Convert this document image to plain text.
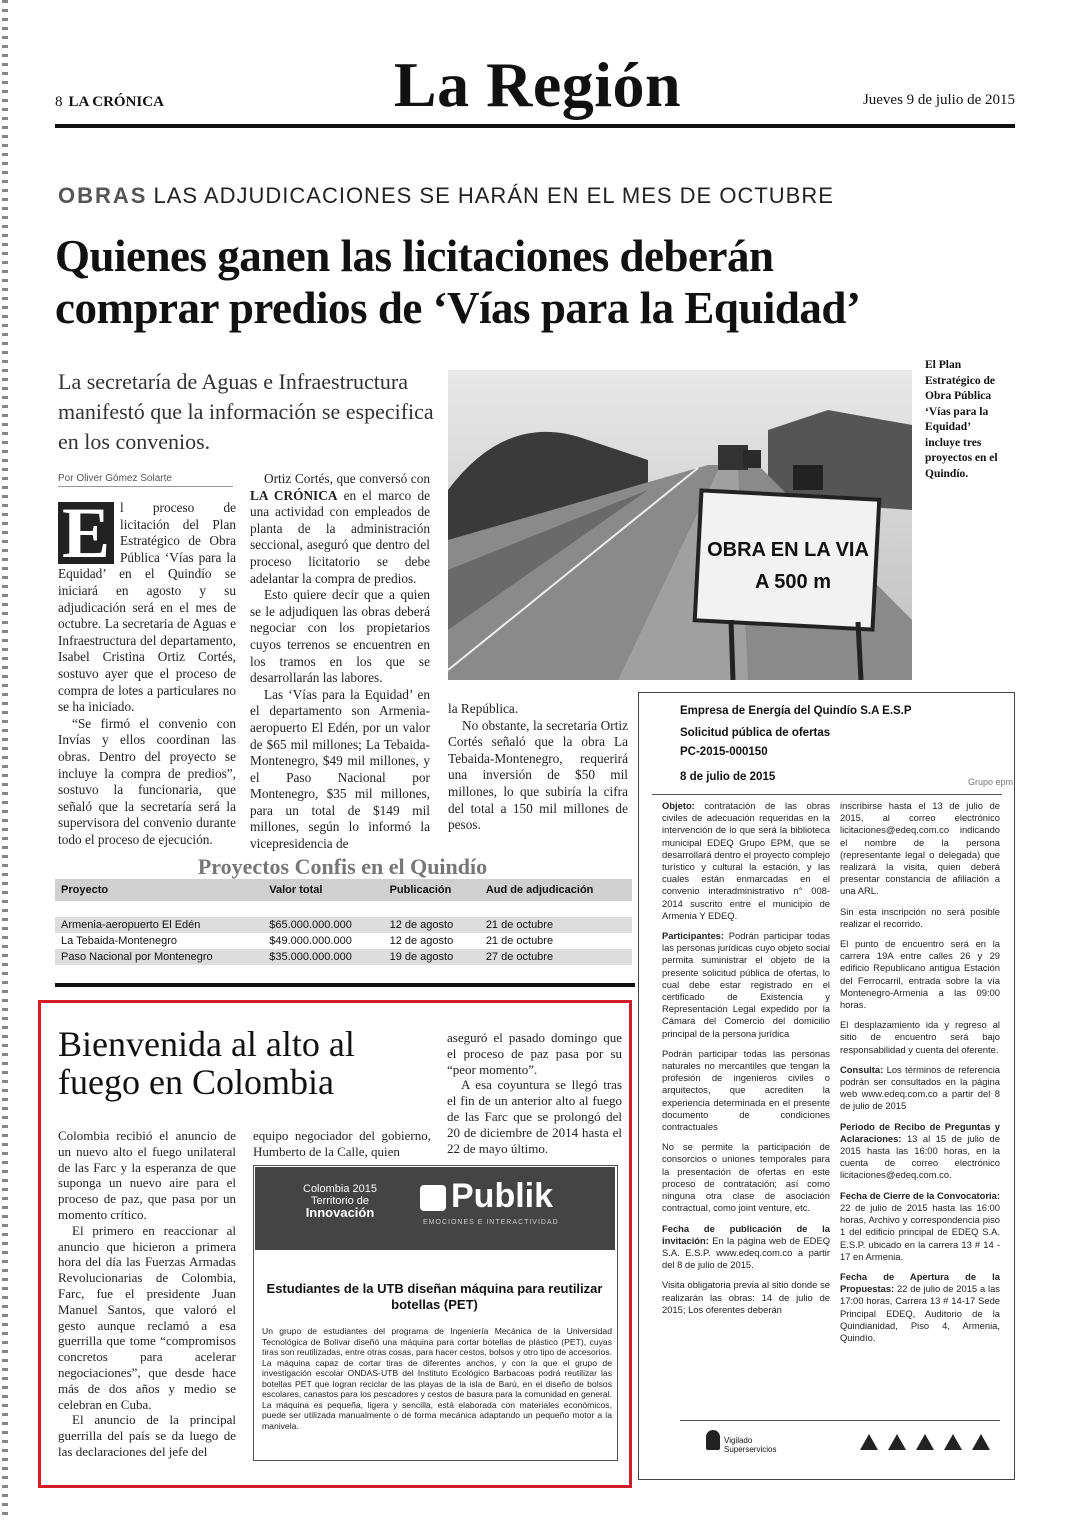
8 LA CRÓNICA	La Región	Jueves 9 de julio de 2015
OBRAS LAS ADJUDICACIONES SE HARÁN EN EL MES DE OCTUBRE
Quienes ganen las licitaciones deberán
comprar predios de ‘Vías para la Equidad’
La secretaría de Aguas e Infraestructura manifestó que la información se especifica en los convenios.
Por Oliver Gómez Solarte

E l proceso de licitación del Plan Estratégico de Obra Pública ‘Vías para la Equidad’ en el Quindío se iniciará en agosto y su adjudicación será en el mes de octubre. La secretaria de Aguas e Infraestructura del departamento, Isabel Cristina Ortiz Cortés, sostuvo ayer que el proceso de compra de lotes a particulares no se ha iniciado.

“Se firmó el convenio con Invías y ellos coordinan las obras. Dentro del proyecto se incluye la compra de predios”, sostuvo la funcionaria, que señaló que la secretaría será la supervisora del convenio durante todo el proceso de ejecución.

Ortiz Cortés, que conversó con LA CRÓNICA en el marco de una actividad con empleados de planta de la administración seccional, aseguró que dentro del proceso licitatorio se debe adelantar la compra de predios.

Esto quiere decir que a quien se le adjudiquen las obras deberá negociar con los propietarios cuyos terrenos se encuentren en los tramos en los que se desarrollarán las labores.

Las ‘Vías para la Equidad’ en el departamento son Armenia-aeropuerto El Edén, por un valor de $65 mil millones; La Tebaida-Montenegro, $49 mil millones, y el Paso Nacional por Montenegro, $35 mil millones, para un total de $149 mil millones, según lo informó la vicepresidencia de

OBRA EN LA VIA
A 500 m
El Plan Estratégico de Obra Pública ‘Vías para la Equidad’ incluye tres proyectos en el Quindío.

la República.

No obstante, la secretaria Ortiz Cortés señaló que la obra La Tebaida-Montenegro, requerirá una inversión de $50 mil millones, lo que subiría la cifra del total a 150 mil millones de pesos.

Proyectos Confis en el Quindío
Proyecto	Valor total	Publicación	Aud de adjudicación

Armenia-aeropuerto El Edén	$65.000.000.000	12 de agosto	21 de octubre
La Tebaida-Montenegro	$49.000.000.000	12 de agosto	21 de octubre
Paso Nacional por Montenegro	$35.000.000.000	19 de agosto	27 de octubre
Empresa de Energía del Quindío S.A E.S.P
Solicitud pública de ofertas
PC-2015-000150
8 de julio de 2015	Grupo epm

Objeto: contratación de las obras civiles de adecuación requeridas en la intervención de lo que será la biblioteca municipal EDEQ Grupo EPM, que se desarrollará dentro el proyecto complejo turístico y cultural la estación, y las cuales están enmarcadas en el convenio interadministrativo n° 008-2014 suscrito entre el municipio de Armenia Y EDEQ.

Participantes: Podrán participar todas las personas jurídicas cuyo objeto social permita suministrar el objeto de la presente solicitud pública de ofertas, lo cual debe estar registrado en el certificado de Existencia y Representación Legal expedido por la Cámara del Comercio del domicilio principal de la persona jurídica

Podrán participar todas las personas naturales no mercantiles que tengan la profesión de ingenieros civiles o arquitectos, que acrediten la experiencia determinada en el presente documento de condiciones contractuales

No se permite la participación de consorcios o uniones temporales para la presentación de ofertas en este proceso de contratación; así como ninguna otra clase de asociación contractual, como joint venture, etc.

Fecha de publicación de la invitación: En la página web de EDEQ S.A. E.S.P. www.edeq.com.co a partir del 8 de julio de 2015.

Visita obligatoria previa al sitio donde se realizarán las obras: 14 de julio de 2015; Los oferentes deberán

inscribirse hasta el 13 de julio de 2015, al correo electrónico licitaciones@edeq.com.co indicando el nombre de la persona (representante legal o delegada) que realizará la visita, quien deberá presentar constancia de afiliación a una ARL.

Sin esta inscripción no será posible realizar el recorrido.

El punto de encuentro será en la carrera 19A entre calles 26 y 29 edificio Republicano antigua Estación del Ferrocarril, entrada sobre la vía Montenegro-Armenia a las 09:00 horas.

El desplazamiento ida y regreso al sitio de encuentro será bajo responsabilidad y cuenta del oferente.

Consulta: Los términos de referencia podrán ser consultados en la página web www.edeq.com.co a partir del 8 de julio de 2015

Periodo de Recibo de Preguntas y Aclaraciones: 13 al 15 de julio de 2015 hasta las 16:00 horas, en la cuenta de correo electrónico licitaciones@edeq.com.co.

Fecha de Cierre de la Convocatoria: 22 de julio de 2015 hasta las 16:00 horas, Archivo y correspondencia piso 1 del edificio principal de EDEQ S.A. E.S.P. ubicado en la carrera 13 # 14 - 17 en Armenia.

Fecha de Apertura de la Propuestas: 22 de julio de 2015 a las 17:00 horas, Carrera 13 # 14-17 Sede Principal EDEQ, Auditorio de la Quindianidad, Piso 4, Armenia, Quindío.

Vigilado Superservicios
Bienvenida al alto al fuego en Colombia

Colombia recibió el anuncio de un nuevo alto el fuego unilateral de las Farc y la esperanza de que suponga un nuevo aire para el proceso de paz, que pasa por un momento crítico.

El primero en reaccionar al anuncio que hicieron a primera hora del día las Fuerzas Armadas Revolucionarias de Colombia, Farc, fue el presidente Juan Manuel Santos, que valoró el gesto aunque reclamó a esa guerrilla que tome “compromisos concretos para acelerar negociaciones”, que desde hace más de dos años y medio se celebran en Cuba.

El anuncio de la principal guerrilla del país se da luego de las declaraciones del jefe del

equipo negociador del gobierno, Humberto de la Calle, quien

aseguró el pasado domingo que el proceso de paz pasa por su “peor momento”.

A esa coyuntura se llegó tras el fin de un anterior alto al fuego de las Farc que se prolongó del 20 de diciembre de 2014 hasta el 22 de mayo último.

Colombia 2015
Territorio de
Innovación	Publik
EMOCIONES E INTERACTIVIDAD
Estudiantes de la UTB diseñan máquina para reutilizar botellas (PET)
Un grupo de estudiantes del programa de Ingeniería Mecánica de la Universidad Tecnológica de Bolívar diseñó una máquina para cortar botellas de plástico (PET), cuyas tiras son reutilizadas, entre otras cosas, para hacer cestos, bolsos y otro tipo de accesorios. La máquina capaz de cortar tiras de diferentes anchos, y con la que el grupo de investigación escolar ONDAS-UTB del Instituto Ecológico Barbacoas podrá reutilizar las botellas PET que logran reciclar de las playas de la isla de Barú, en el diseño de bolsos escolares, canastos para los pescadores y cestos de basura para la comunidad en general. La máquina es pequeña, ligera y sencilla, está elaborada con materiales económicos, puede ser utilizada manualmente o de forma mecánica adaptando un pequeño motor a la manivela.
